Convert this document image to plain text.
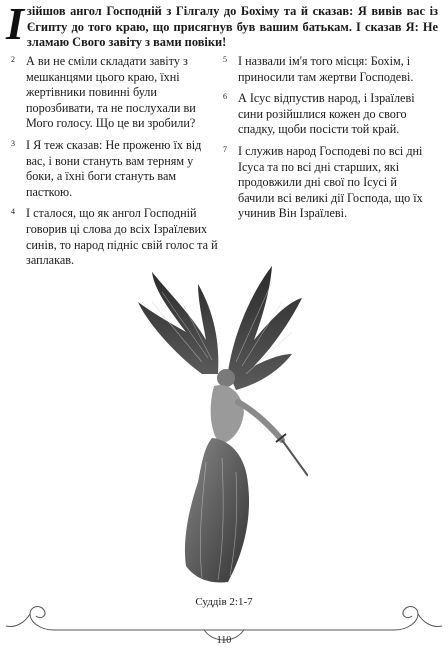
І зійшов ангол Господній з Гілгалу до Бохіму та й сказав: Я вивів вас із Єгипту до того краю, що присягнув був вашим батькам. І сказав Я: Не зламаю Свого завіту з вами повіки!
2 А ви не сміли складати завіту з мешканцями цього краю, їхні жертівники повинні були порозбивати, та не послухали ви Мого голосу. Що це ви зробили?
3 І Я теж сказав: Не проженю їх від вас, і вони стануть вам терням у боки, а їхні боги стануть вам пасткою.
4 І сталося, що як ангол Господній говорив ці слова до всіх Ізраїлевих синів, то народ підніс свій голос та й заплакав.
5 І назвали ім'я того місця: Бохім, і приносили там жертви Господеві.
6 А Ісус відпустив народ, і Ізраїлеві сини розійшлися кожен до свого спадку, щоби посісти той край.
7 І служив народ Господеві по всі дні Ісуса та по всі дні старших, які продовжили дні свої по Ісусі й бачили всі великі дії Господа, що їх учинив Він Ізраїлеві.
Суддів 2:1-7
110
